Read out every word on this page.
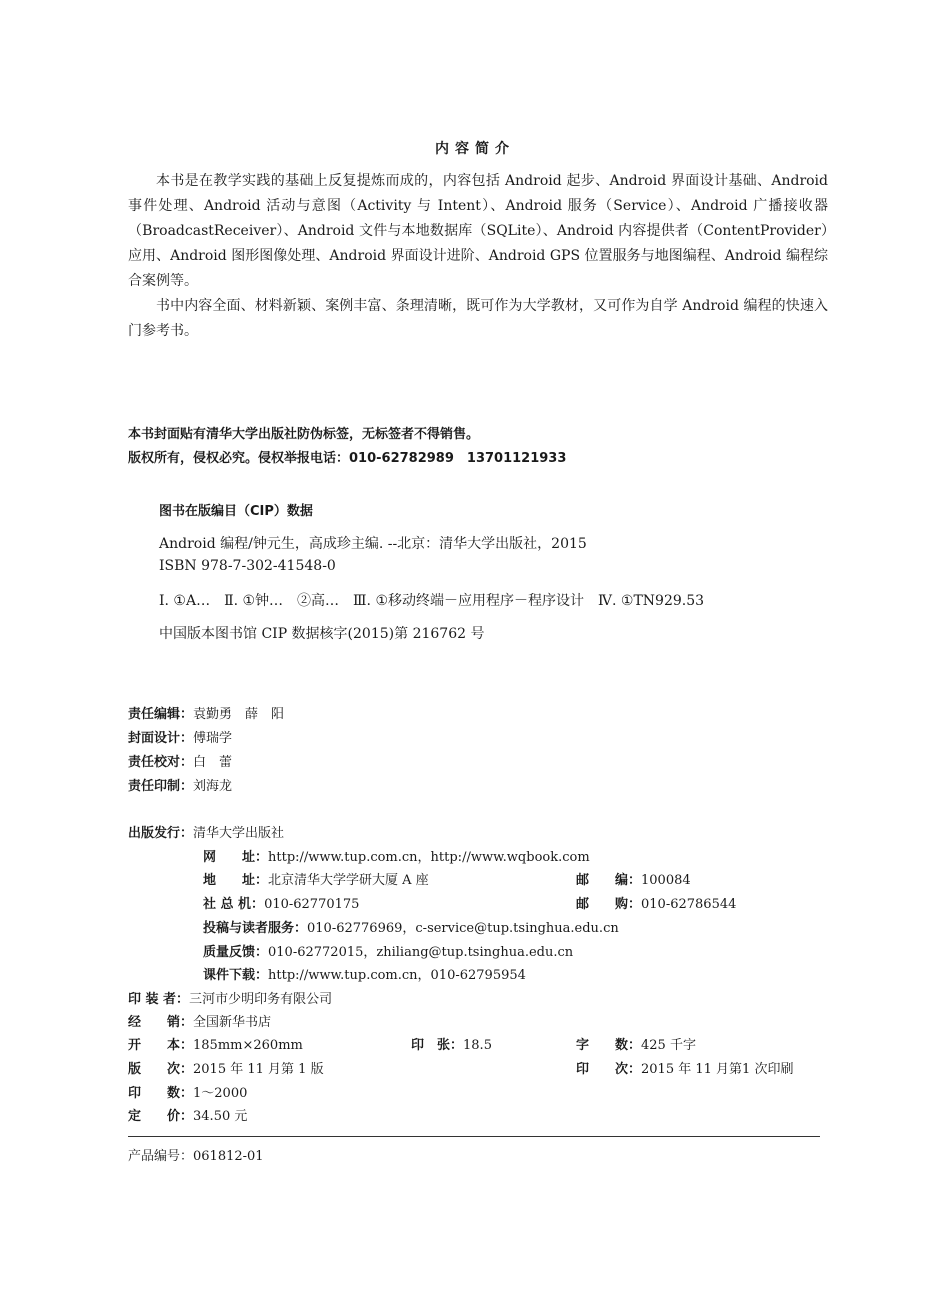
内容简介
本书是在教学实践的基础上反复提炼而成的，内容包括 Android 起步、Android 界面设计基础、Android 事件处理、Android 活动与意图（Activity 与 Intent）、Android 服务（Service）、Android 广播接收器（BroadcastReceiver）、Android 文件与本地数据库（SQLite）、Android 内容提供者（ContentProvider）应用、Android 图形图像处理、Android 界面设计进阶、Android GPS 位置服务与地图编程、Android 编程综合案例等。
书中内容全面、材料新颖、案例丰富、条理清晰，既可作为大学教材，又可作为自学 Android 编程的快速入门参考书。
本书封面贴有清华大学出版社防伪标签，无标签者不得销售。
版权所有，侵权必究。侵权举报电话：010-62782989　13701121933
图书在版编目（CIP）数据
Android 编程/钟元生，高成珍主编. --北京：清华大学出版社，2015
ISBN 978-7-302-41548-0
Ⅰ. ①A…　Ⅱ. ①钟…　②高…　Ⅲ. ①移动终端－应用程序－程序设计　Ⅳ. ①TN929.53
中国版本图书馆 CIP 数据核字(2015)第 216762 号
责任编辑：袁勤勇　薛　阳
封面设计：傅瑞学
责任校对：白　蕾
责任印制：刘海龙
出版发行：清华大学出版社
网　　址：http://www.tup.com.cn，http://www.wqbook.com
地　　址：北京清华大学学研大厦 A 座	邮　　编：100084
社 总 机：010-62770175	邮　　购：010-62786544
投稿与读者服务：010-62776969，c-service@tup.tsinghua.edu.cn
质量反馈：010-62772015，zhiliang@tup.tsinghua.edu.cn
课件下载：http://www.tup.com.cn，010-62795954
印 装 者：三河市少明印务有限公司
经　　销：全国新华书店
开　　本：185mm×260mm	印　张：18.5	字　　数：425 千字
版　　次：2015 年 11 月第 1 版	印　　次：2015 年 11 月第1 次印刷
印　　数：1～2000
定　　价：34.50 元
产品编号：061812-01
